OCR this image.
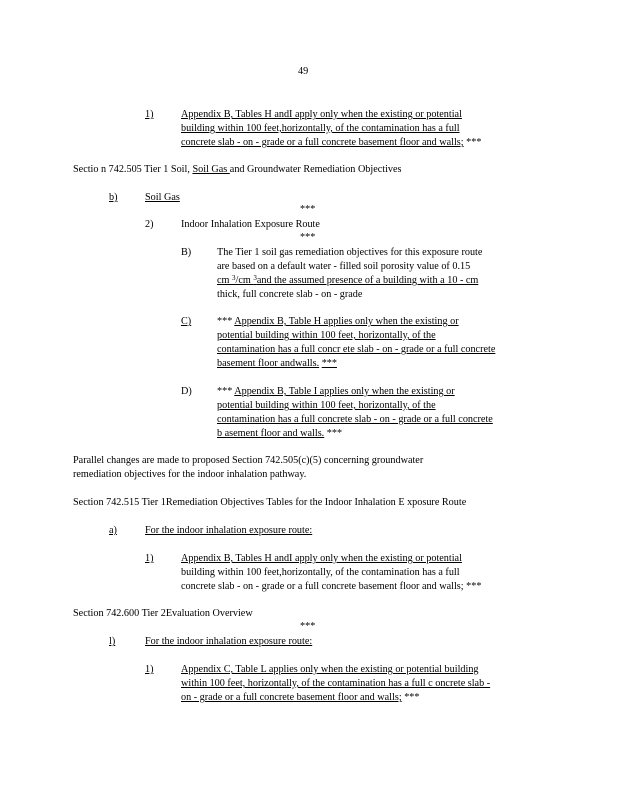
49
1)	Appendix B, Tables H andI apply only when the existing or potential
building within 100 feet,horizontally, of the contamination has a full
concrete slab - on - grade or a full concrete basement floor and walls; ***
Sectio n 742.505 Tier 1 Soil, Soil Gas and Groundwater Remediation Objectives
b)	Soil Gas
***
2)	Indoor Inhalation Exposure Route
***
B)	The Tier 1 soil gas remediation objectives for this exposure route
are based on a default water - filled soil porosity value of 0.15
cm $^3$/cm $^3$and the assumed presence of a building with a 10 - cm
thick, full concrete slab - on - grade
C)	*** Appendix B, Table H applies only when the existing or
potential building within 100 feet, horizontally, of the
contamination has a full concr ete slab - on - grade or a full concrete
basement floor andwalls. ***
D) *** Appendix B, Table I applies only when the existing or
potential building within 100 feet, horizontally, of the
contamination has a full concrete slab - on - grade or a full concrete
b asement floor and walls. ***
Parallel changes are made to proposed Section 742.505(c)(5) concerning groundwater
remediation objectives for the indoor inhalation pathway.
Section 742.515 Tier 1Remediation Objectives Tables for the Indoor Inhalation E xposure Route
a)	For the indoor inhalation exposure route:
1)	Appendix B, Tables H andI apply only when the existing or potential
building within 100 feet,horizontally, of the contamination has a full
concrete slab - on - grade or a full concrete basement floor and walls; ***
Section 742.600 Tier 2Evaluation Overview
***
l)	For the indoor inhalation exposure route:
1)	Appendix C, Table L applies only when the existing or potential building
within 100 feet, horizontally, of the contamination has a full c oncrete slab -
on - grade or a full concrete basement floor and walls; ***
